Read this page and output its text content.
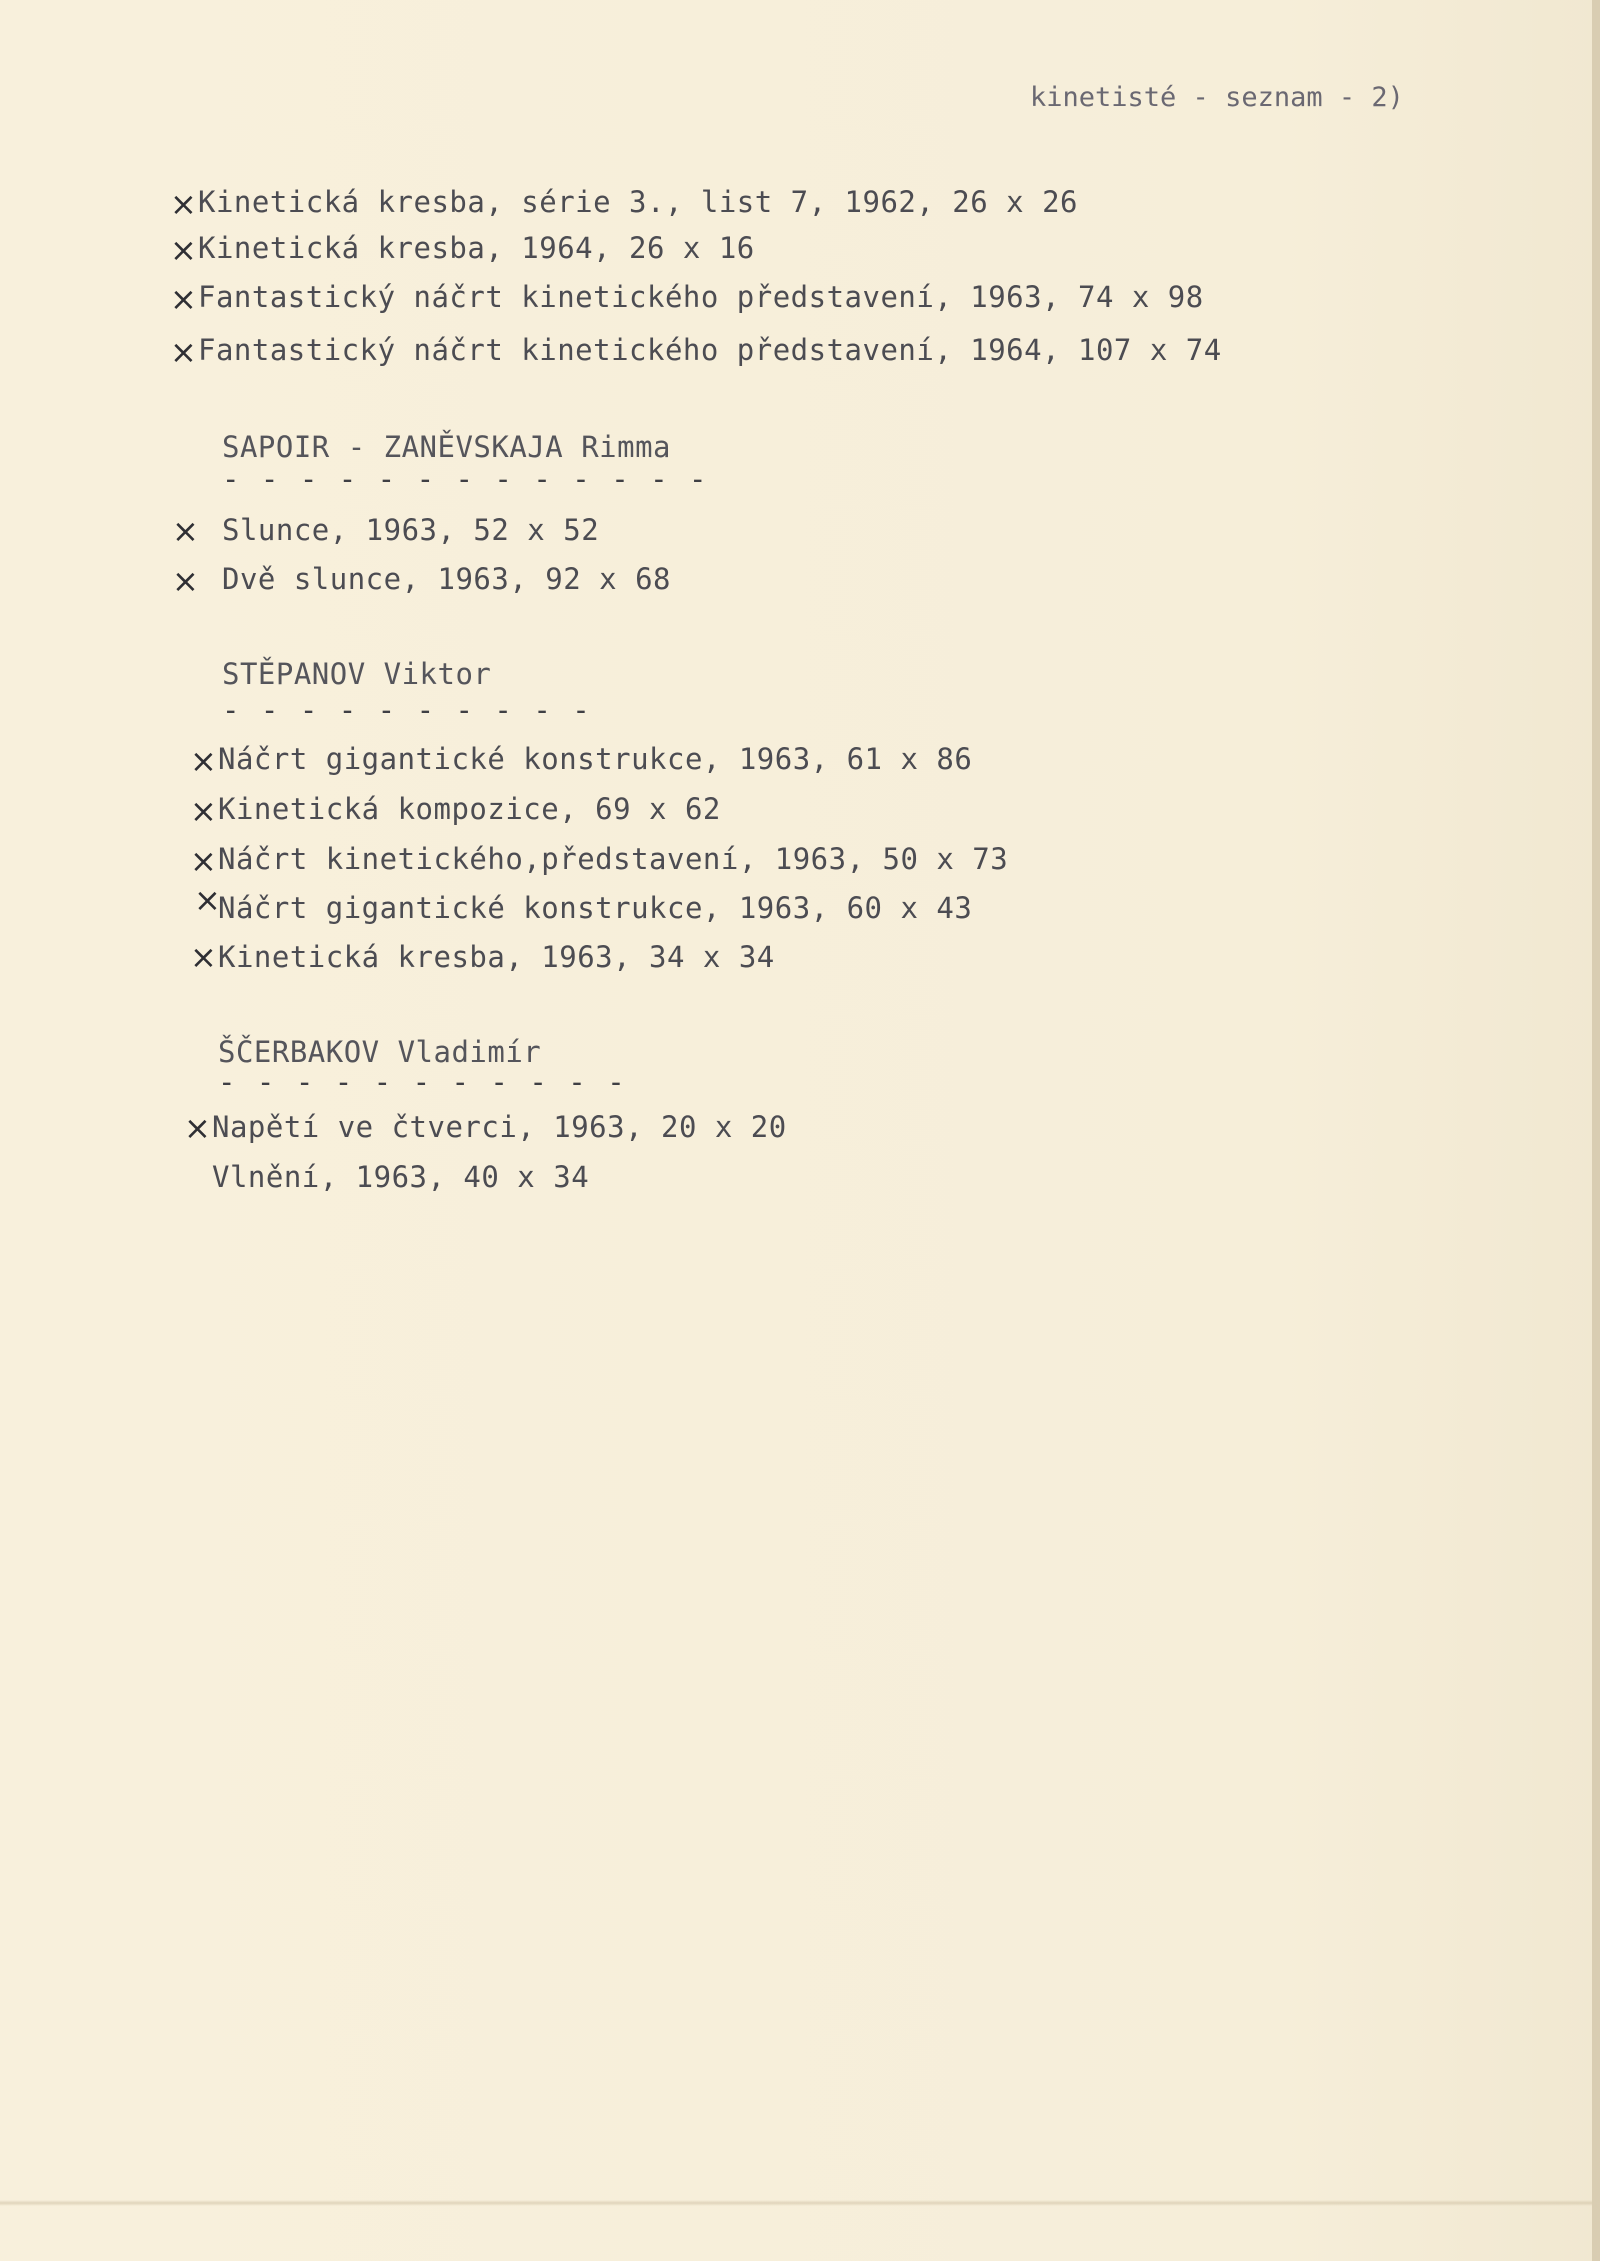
kinetisté - seznam - 2)
× Kinetická kresba, série 3., list 7, 1962, 26 x 26
× Kinetická kresba, 1964, 26 x 16
× Fantastický náčrt kinetického představení, 1963, 74 x 98
× Fantastický náčrt kinetického představení, 1964, 107 x 74
SAPOIR - ZANĚVSKAJA Rimma
- - - - - - - - - - - - -
× Slunce, 1963, 52 x 52
× Dvě slunce, 1963, 92 x 68
STĚPANOV Viktor
- - - - - - - - - -
× Náčrt gigantické konstrukce, 1963, 61 x 86
× Kinetická kompozice, 69 x 62
× Náčrt kinetického,představení, 1963, 50 x 73
×
Náčrt gigantické konstrukce, 1963, 60 x 43
× Kinetická kresba, 1963, 34 x 34
ŠČERBAKOV Vladimír
- - - - - - - - - - -
× Napětí ve čtverci, 1963, 20 x 20
Vlnění, 1963, 40 x 34
